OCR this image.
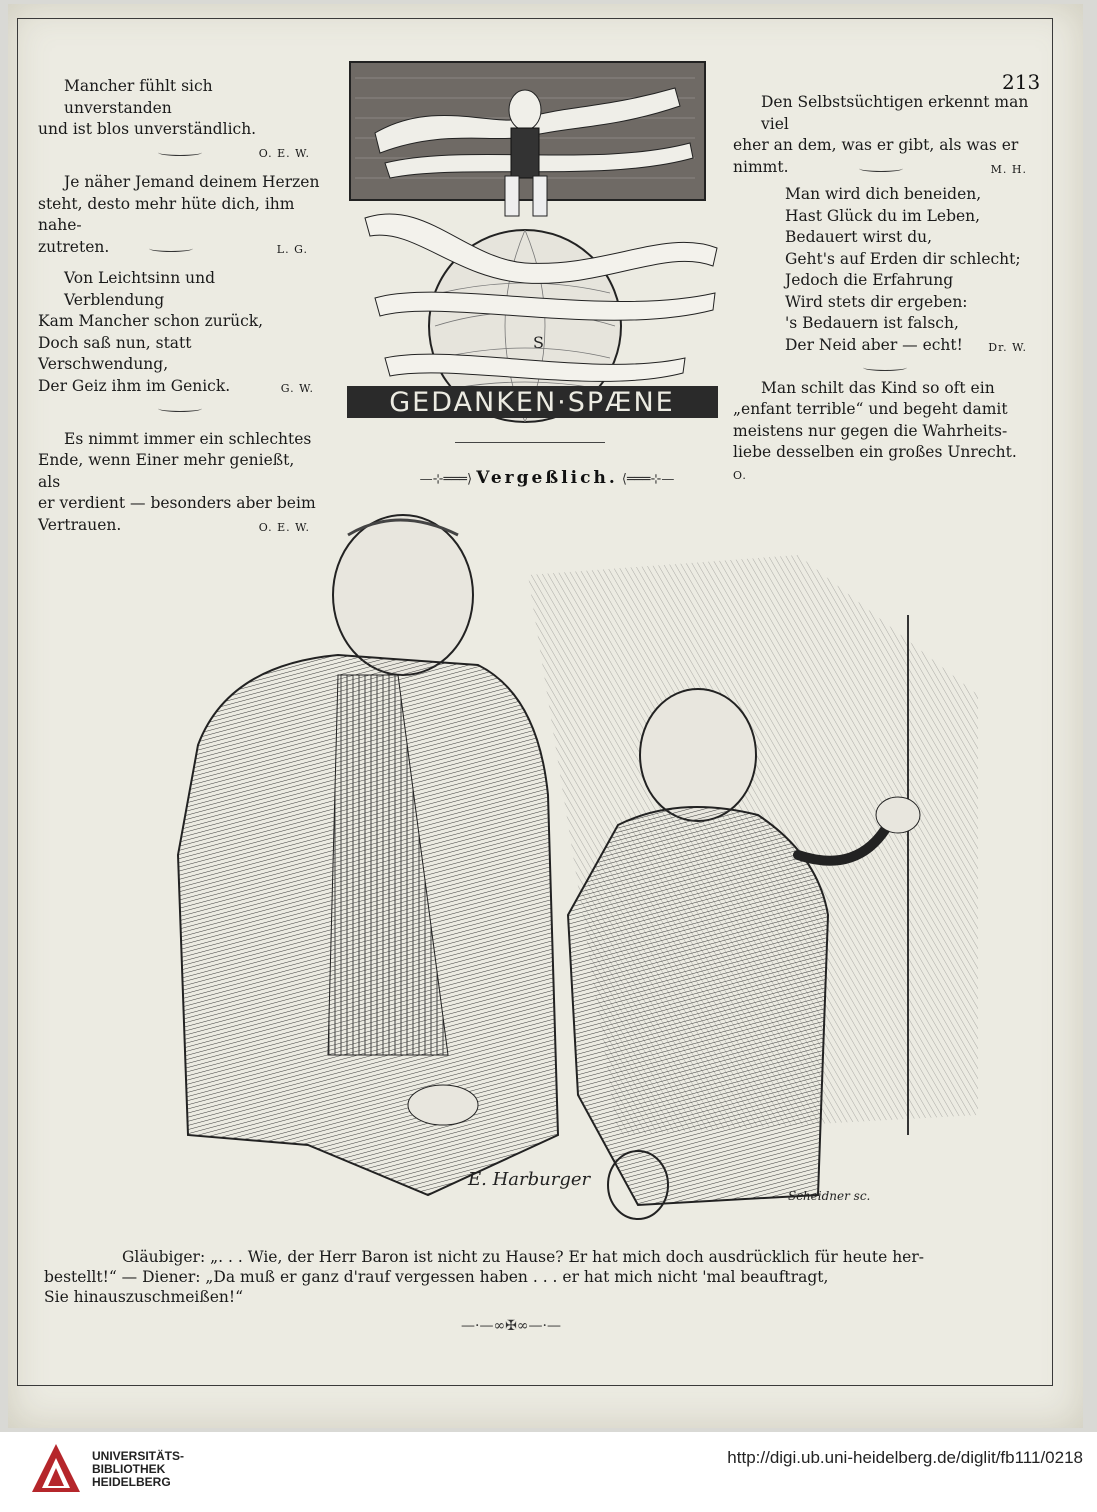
213

Mancher fühlt sich unverstanden

und ist blos unverständlich.

O. E. W.

Je näher Jemand deinem Herzen

steht, desto mehr hüte dich, ihm nahe-

zutreten.	L. G.

Von Leichtsinn und Verblendung

Kam Mancher schon zurück,

Doch saß nun, statt Verschwendung,

Der Geiz ihm im Genick.	G. W.

Es nimmt immer ein schlechtes

Ende, wenn Einer mehr genießt, als

er verdient — besonders aber beim

Vertrauen.	O. E. W.

S
GEDANKEN·SPÆNE

Den Selbstsüchtigen erkennt man viel

eher an dem, was er gibt, als was er

nimmt.	M. H.

Man wird dich beneiden,

Hast Glück du im Leben,

Bedauert wirst du,

Geht's auf Erden dir schlecht;

Jedoch die Erfahrung

Wird stets dir ergeben:

's Bedauern ist falsch,

Der Neid aber — echt! Dr. W.

Man schilt das Kind so oft ein

„enfant terrible“ und begeht damit

meistens nur gegen die Wahrheits-

liebe desselben ein großes Unrecht. O.

—⊹═══⟩ Vergeßlich. ⟨═══⊹—
E. Harburger
Scheidner sc.
Gläubiger: „. . . Wie, der Herr Baron ist nicht zu Hause? Er hat mich doch ausdrücklich für heute her-
bestellt!“ — Diener: „Da muß er ganz d'rauf vergessen haben . . . er hat mich nicht 'mal beauftragt,
Sie hinauszuschmeißen!“
—·—∞✠∞—·—
UNIVERSITÄTS-
BIBLIOTHEK
HEIDELBERG
http://digi.ub.uni-heidelberg.de/diglit/fb111/0218
